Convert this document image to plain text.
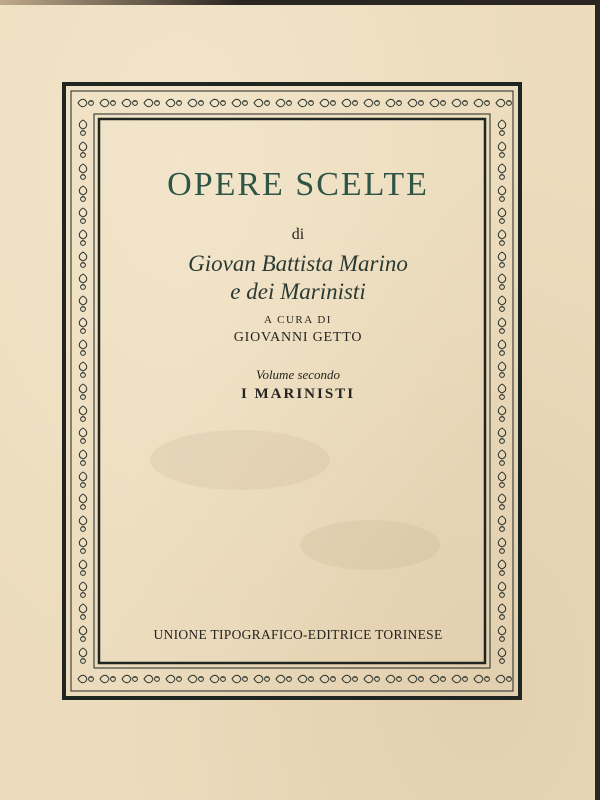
OPERE SCELTE
di
Giovan Battista Marino
e dei Marinisti
A CURA DI
GIOVANNI GETTO
Volume secondo
I MARINISTI
UNIONE TIPOGRAFICO-EDITRICE TORINESE
